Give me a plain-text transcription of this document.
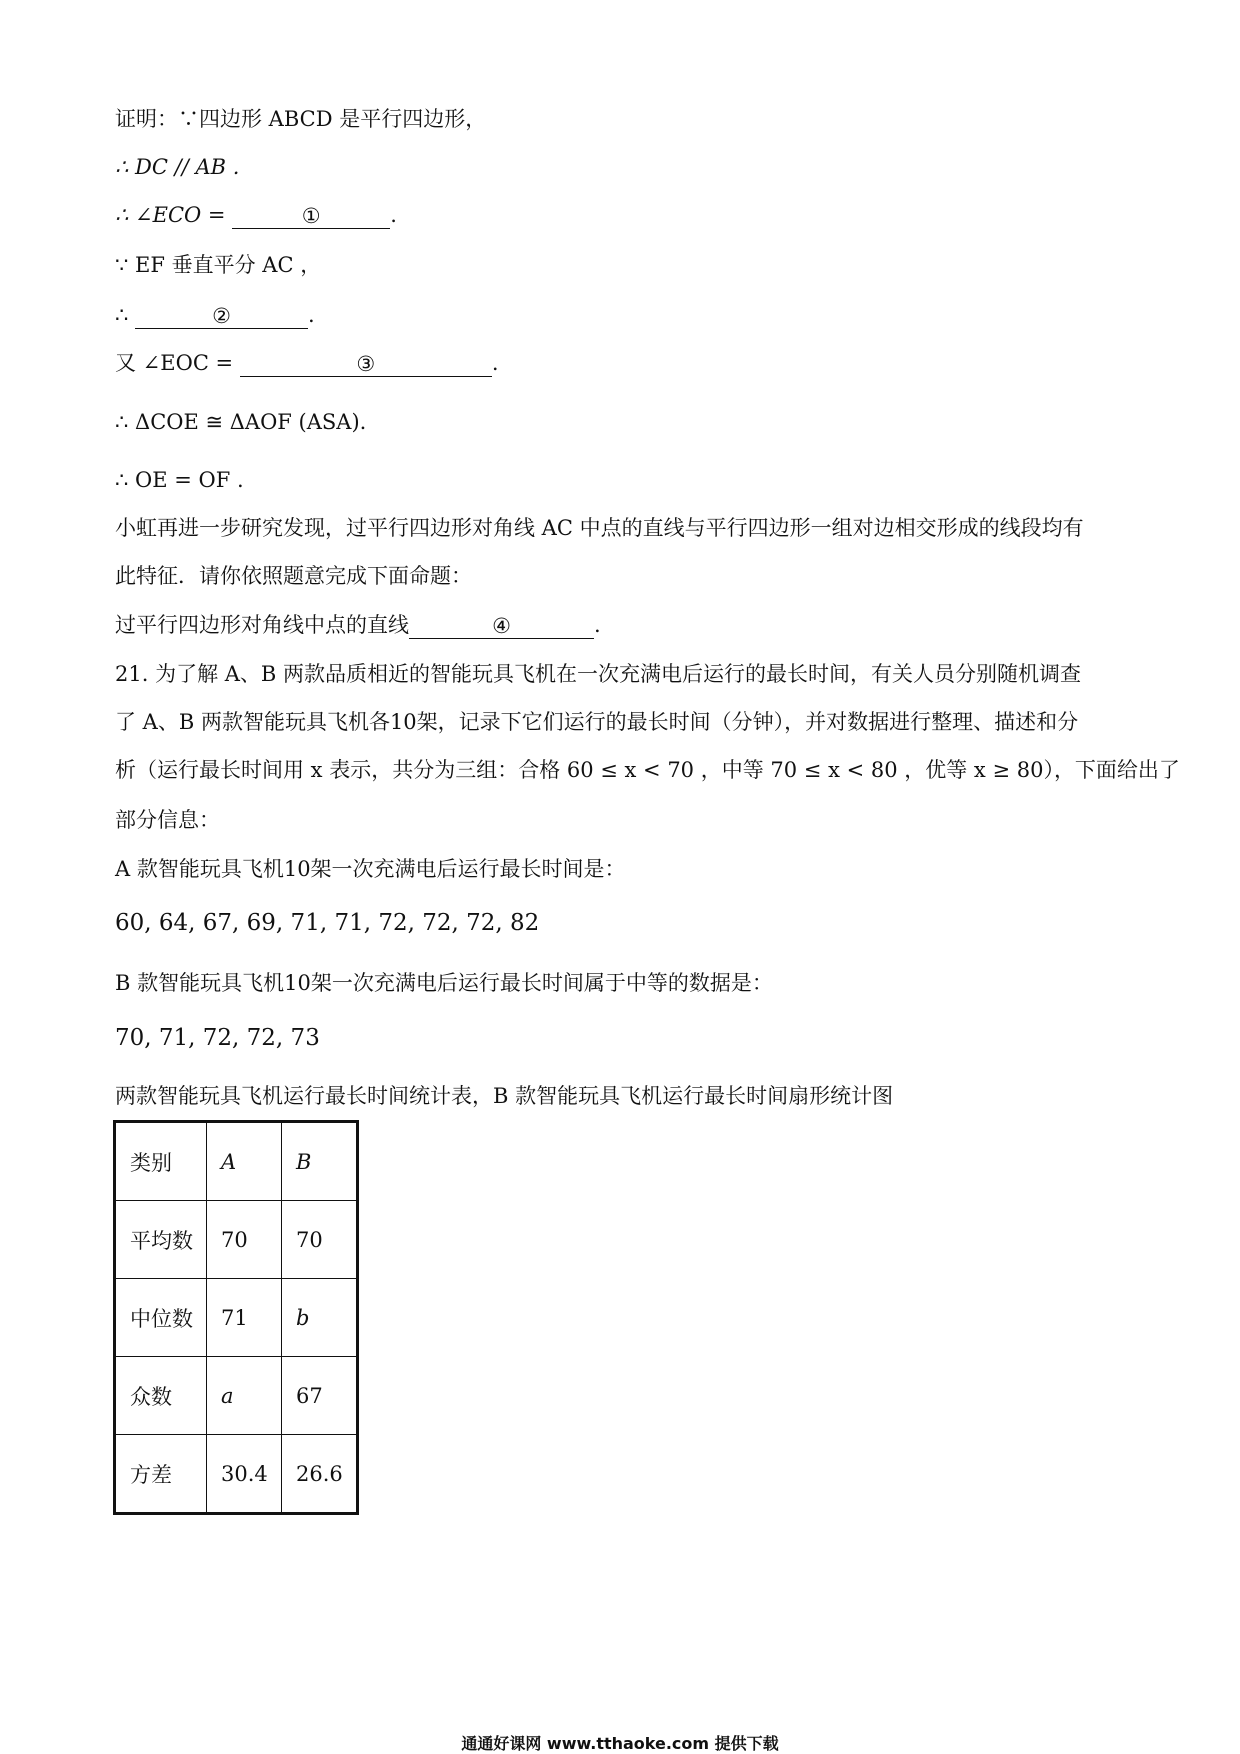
证明：∵四边形 ABCD 是平行四边形，
∴ DC // AB .
∴ ∠ECO =	①	.
∵ EF 垂直平分 AC ，
∴	②	.
又 ∠EOC =	③	.
∴ ΔCOE ≅ ΔAOF (ASA).
∴ OE = OF .
小虹再进一步研究发现，过平行四边形对角线 AC 中点的直线与平行四边形一组对边相交形成的线段均有
此特征．请你依照题意完成下面命题：
过平行四边形对角线中点的直线	④	.
21. 为了解 A、B 两款品质相近的智能玩具飞机在一次充满电后运行的最长时间，有关人员分别随机调查
了 A、B 两款智能玩具飞机各10架，记录下它们运行的最长时间（分钟），并对数据进行整理、描述和分
析（运行最长时间用 x 表示，共分为三组：合格 60 ≤ x < 70 ，中等 70 ≤ x < 80 ，优等 x ≥ 80），下面给出了
部分信息：
A 款智能玩具飞机10架一次充满电后运行最长时间是：
60, 64, 67, 69, 71, 71, 72, 72, 72, 82
B 款智能玩具飞机10架一次充满电后运行最长时间属于中等的数据是：
70, 71, 72, 72, 73
两款智能玩具飞机运行最长时间统计表，B 款智能玩具飞机运行最长时间扇形统计图
类别	A	B
平均数	70	70
中位数	71	b
众数	a	67
方差	30.4	26.6
通通好课网 www.tthaoke.com 提供下载
